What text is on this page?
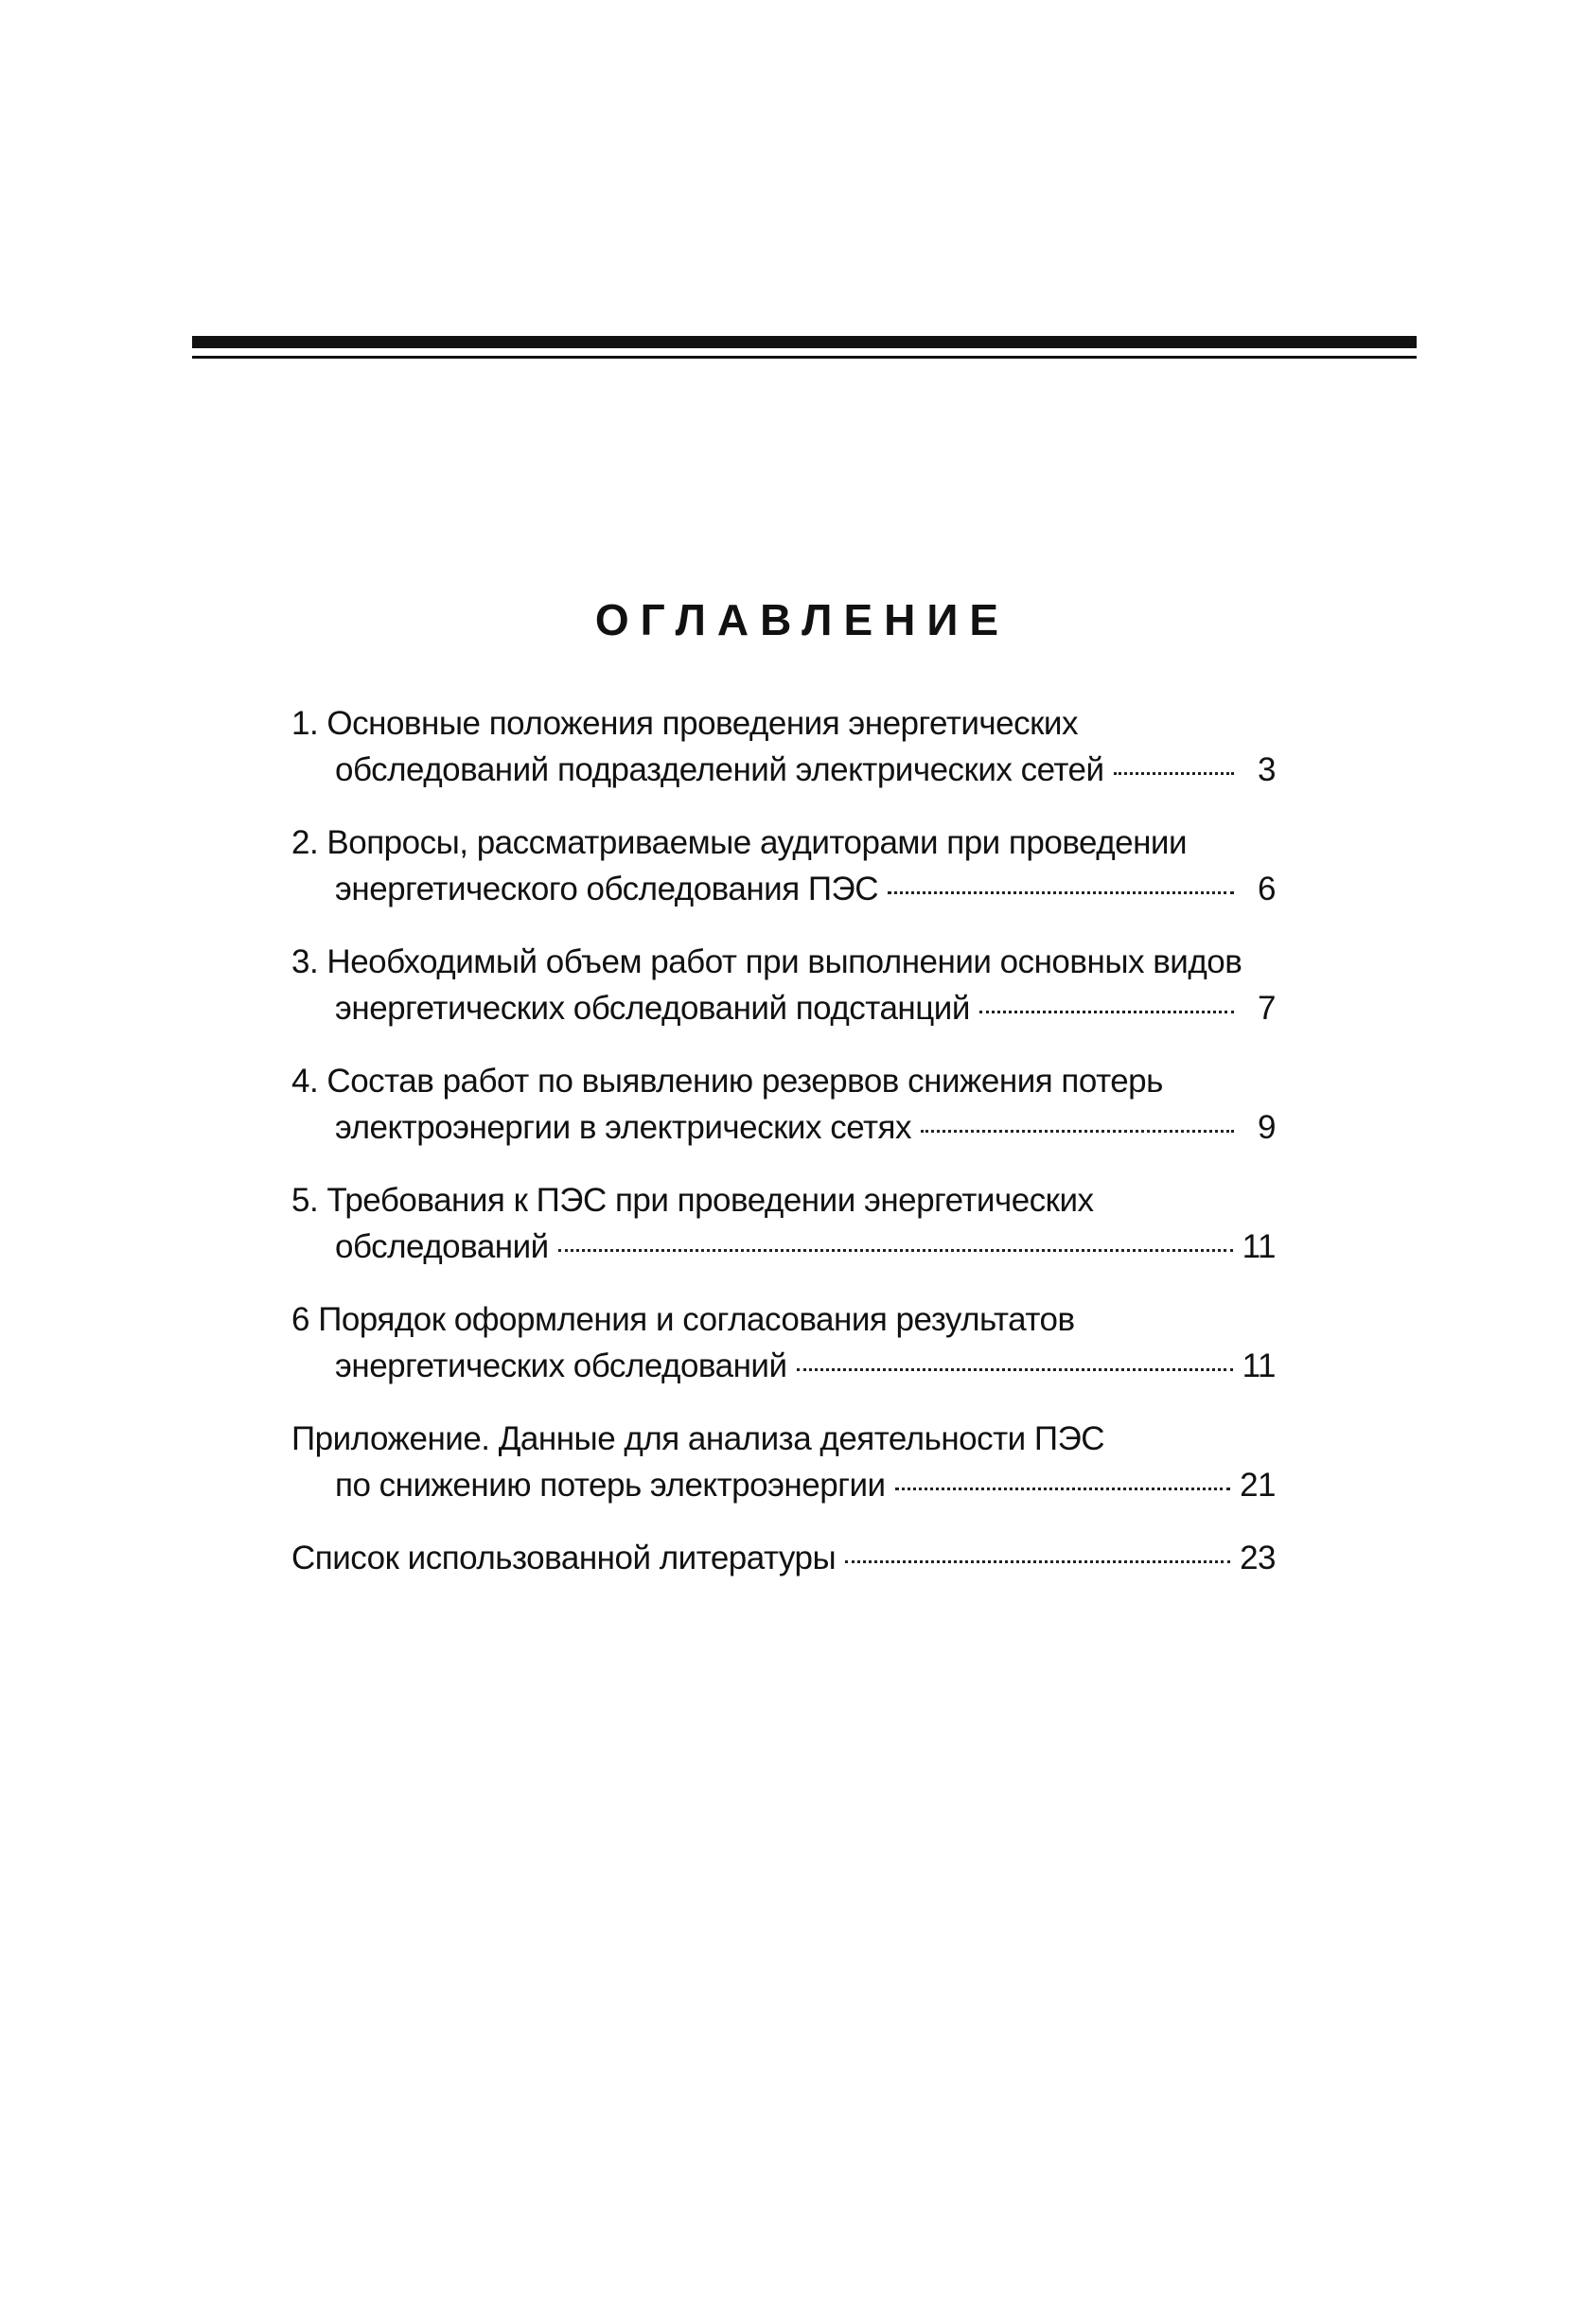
ОГЛАВЛЕНИЕ
1. Основные положения проведения энергетических
обследований подразделений электрических сетей	3
2. Вопросы, рассматриваемые аудиторами при проведении
энергетического обследования ПЭС	6
3. Необходимый объем работ при выполнении основных видов
энергетических обследований подстанций	7
4. Состав работ по выявлению резервов снижения потерь
электроэнергии в электрических сетях	9
5. Требования к ПЭС при проведении энергетических
обследований	11
6 Порядок оформления и согласования результатов
энергетических обследований	11
Приложение. Данные для анализа деятельности ПЭС
по снижению потерь электроэнергии	21
Список использованной литературы	23
